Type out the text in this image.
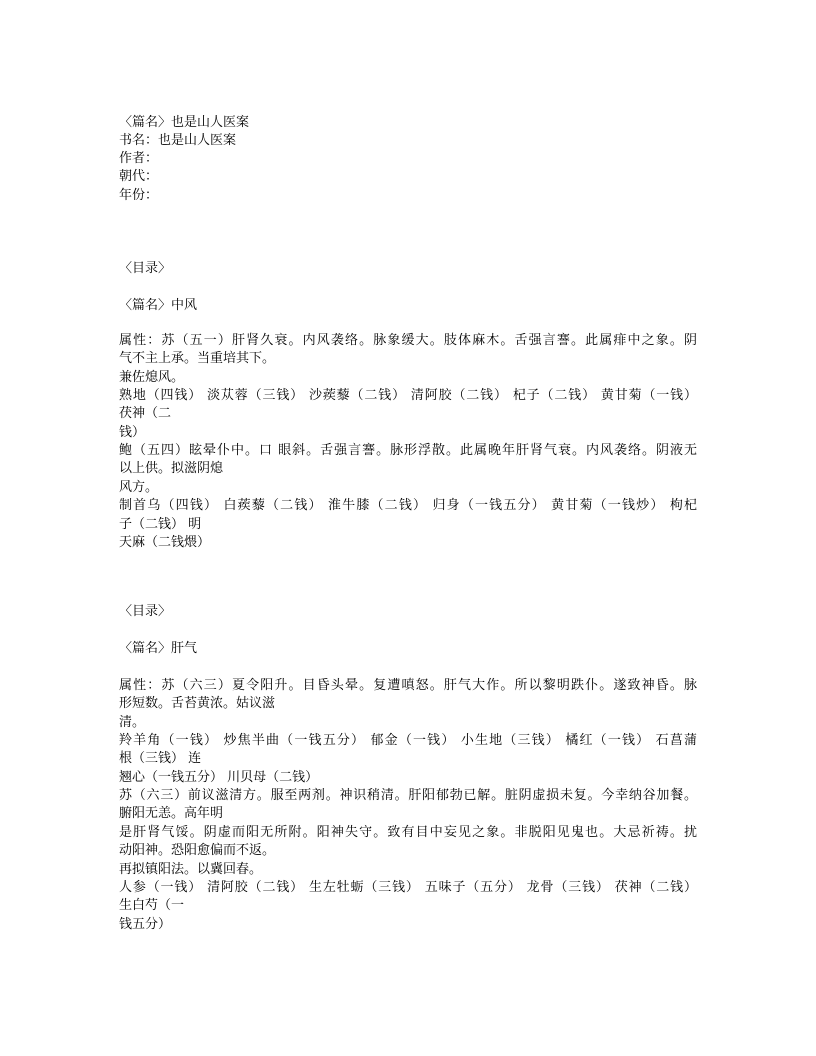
〈篇名〉也是山人医案
书名：也是山人医案
作者：
朝代：
年份：
〈目录〉
〈篇名〉中风
属性：苏（五一）肝肾久衰。内风袭络。脉象缓大。肢体麻木。舌强言謇。此属痱中之象。阴
气不主上承。当重培其下。
兼佐熄风。
熟地（四钱） 淡苁蓉（三钱） 沙蒺藜（二钱） 清阿胶（二钱） 杞子（二钱） 黄甘菊（一钱）
茯神（二
钱）
鲍（五四）眩晕仆中。口 眼斜。舌强言謇。脉形浮散。此属晚年肝肾气衰。内风袭络。阴液无
以上供。拟滋阴熄
风方。
制首乌（四钱） 白蒺藜（二钱） 淮牛膝（二钱） 归身（一钱五分） 黄甘菊（一钱炒） 枸杞
子（二钱） 明
天麻（二钱煨）
〈目录〉
〈篇名〉肝气
属性：苏（六三）夏令阳升。目昏头晕。复遭嗔怒。肝气大作。所以黎明跌仆。遂致神昏。脉
形短数。舌苔黄浓。姑议滋
清。
羚羊角（一钱） 炒焦半曲（一钱五分） 郁金（一钱） 小生地（三钱） 橘红（一钱） 石菖蒲
根（三钱） 连
翘心（一钱五分） 川贝母（二钱）
苏（六三）前议滋清方。服至两剂。神识稍清。肝阳郁勃已解。脏阴虚损未复。今幸纳谷加餐。
腑阳无恙。高年明
是肝肾气馁。阴虚而阳无所附。阳神失守。致有目中妄见之象。非脱阳见鬼也。大忌祈祷。扰
动阳神。恐阳愈偏而不返。
再拟镇阳法。以冀回春。
人参（一钱） 清阿胶（二钱） 生左牡蛎（三钱） 五味子（五分） 龙骨（三钱） 茯神（二钱）
生白芍（一
钱五分）
